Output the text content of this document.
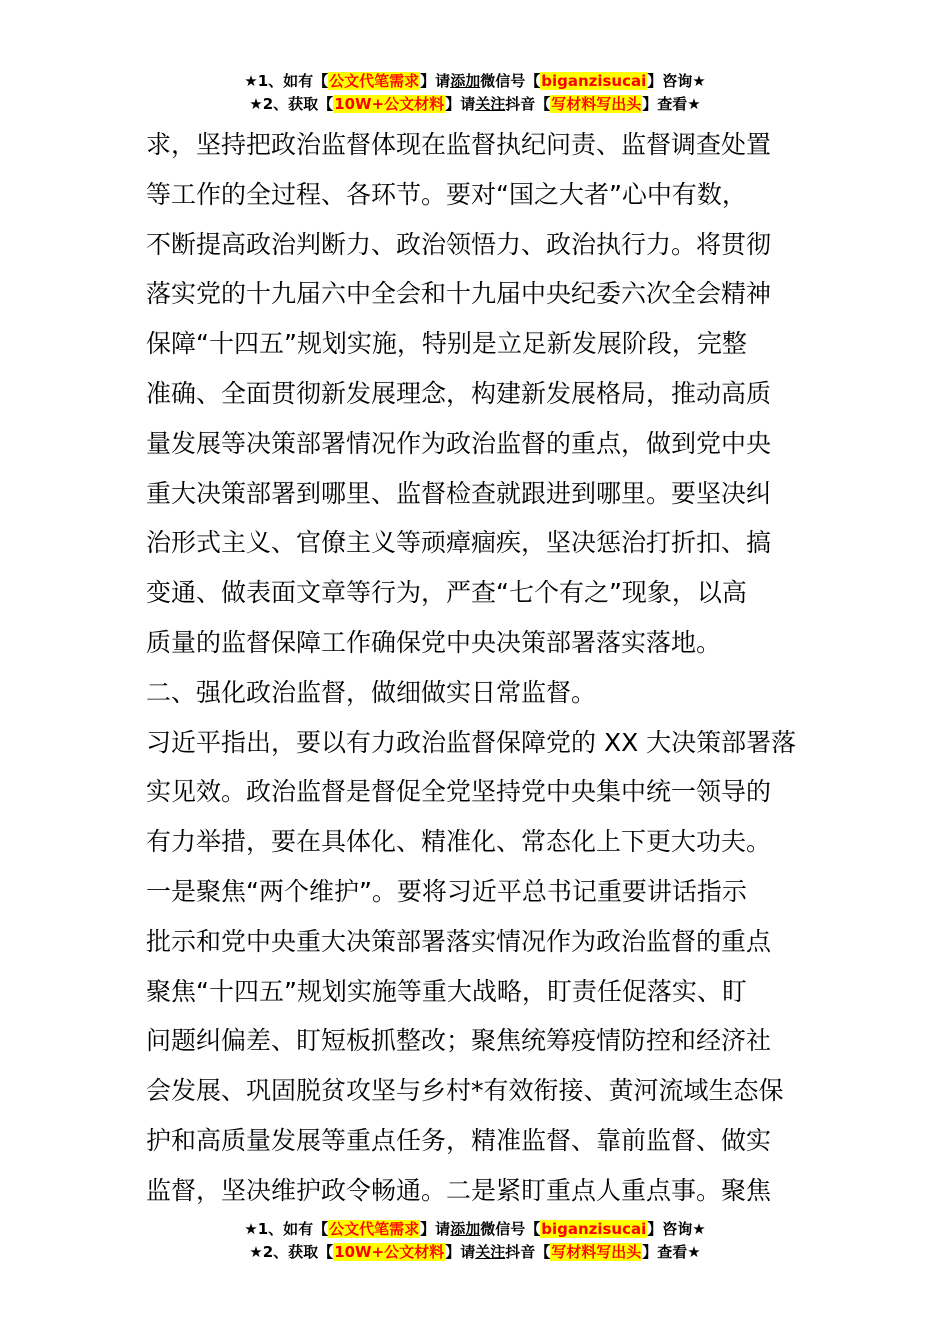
★1、如有【公文代笔需求】请添加微信号【biganzisucai】咨询★
★2、获取【10W+公文材料】请关注抖音【写材料写出头】查看★
求，坚持把政治监督体现在监督执纪问责、监督调查处置
等工作的全过程、各环节。要对“国之大者”心中有数，
不断提高政治判断力、政治领悟力、政治执行力。将贯彻
落实党的十九届六中全会和十九届中央纪委六次全会精神
保障“十四五”规划实施，特别是立足新发展阶段，完整
准确、全面贯彻新发展理念，构建新发展格局，推动高质
量发展等决策部署情况作为政治监督的重点，做到党中央
重大决策部署到哪里、监督检查就跟进到哪里。要坚决纠
治形式主义、官僚主义等顽瘴痼疾，坚决惩治打折扣、搞
变通、做表面文章等行为，严查“七个有之”现象，以高
质量的监督保障工作确保党中央决策部署落实落地。
二、强化政治监督，做细做实日常监督。
习近平指出，要以有力政治监督保障党的 XX 大决策部署落
实见效。政治监督是督促全党坚持党中央集中统一领导的
有力举措，要在具体化、精准化、常态化上下更大功夫。
一是聚焦“两个维护”。要将习近平总书记重要讲话指示
批示和党中央重大决策部署落实情况作为政治监督的重点
聚焦“十四五”规划实施等重大战略，盯责任促落实、盯
问题纠偏差、盯短板抓整改；聚焦统筹疫情防控和经济社
会发展、巩固脱贫攻坚与乡村*有效衔接、黄河流域生态保
护和高质量发展等重点任务，精准监督、靠前监督、做实
监督，坚决维护政令畅通。二是紧盯重点人重点事。聚焦
★1、如有【公文代笔需求】请添加微信号【biganzisucai】咨询★
★2、获取【10W+公文材料】请关注抖音【写材料写出头】查看★
